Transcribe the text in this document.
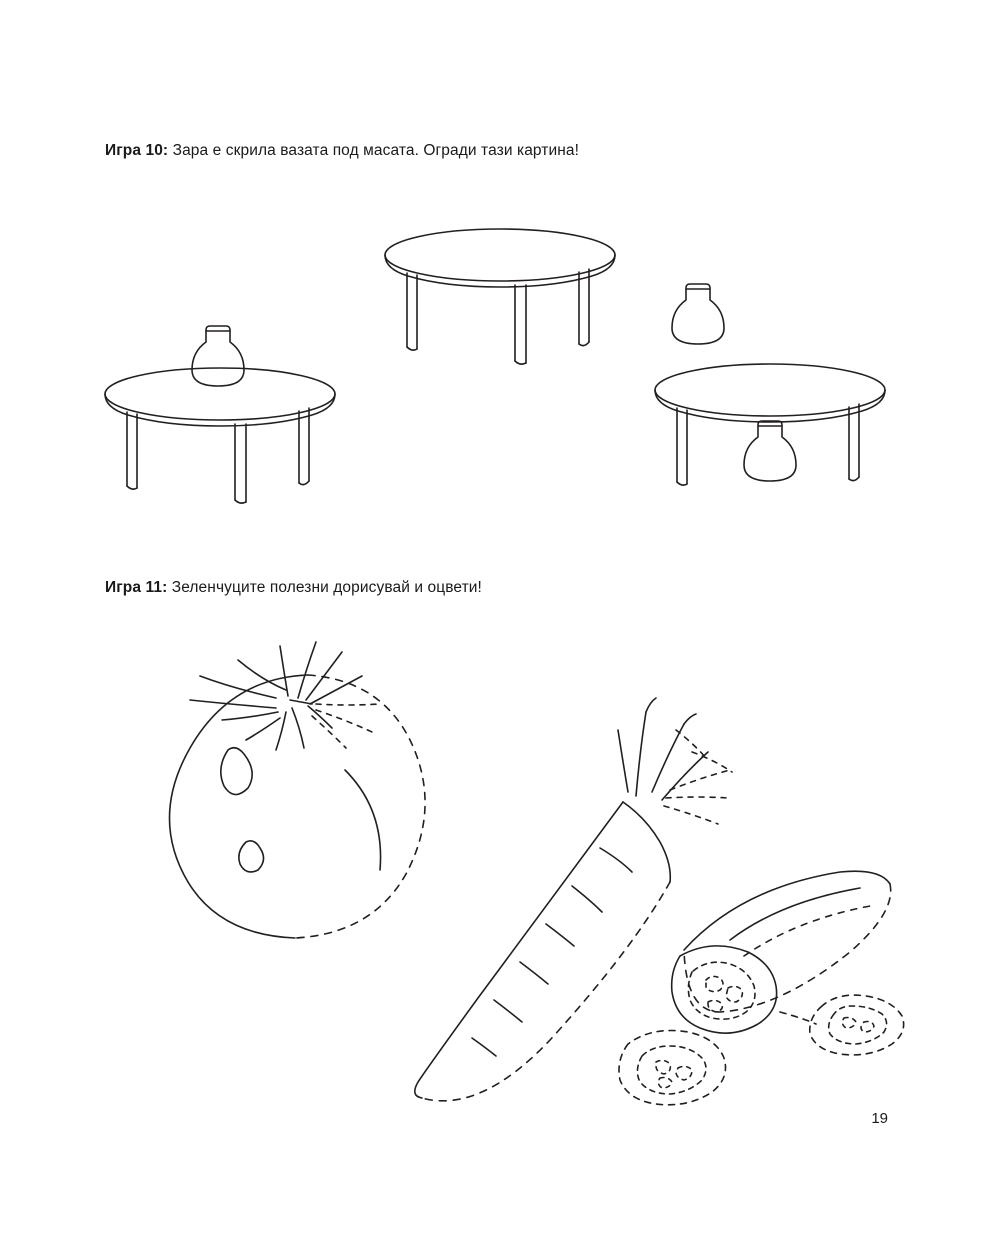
Игра 10: Зара е скрила вазата под масата. Огради тази картина!
Игра 11: Зеленчуците полезни дорисувай и оцвети!
19
